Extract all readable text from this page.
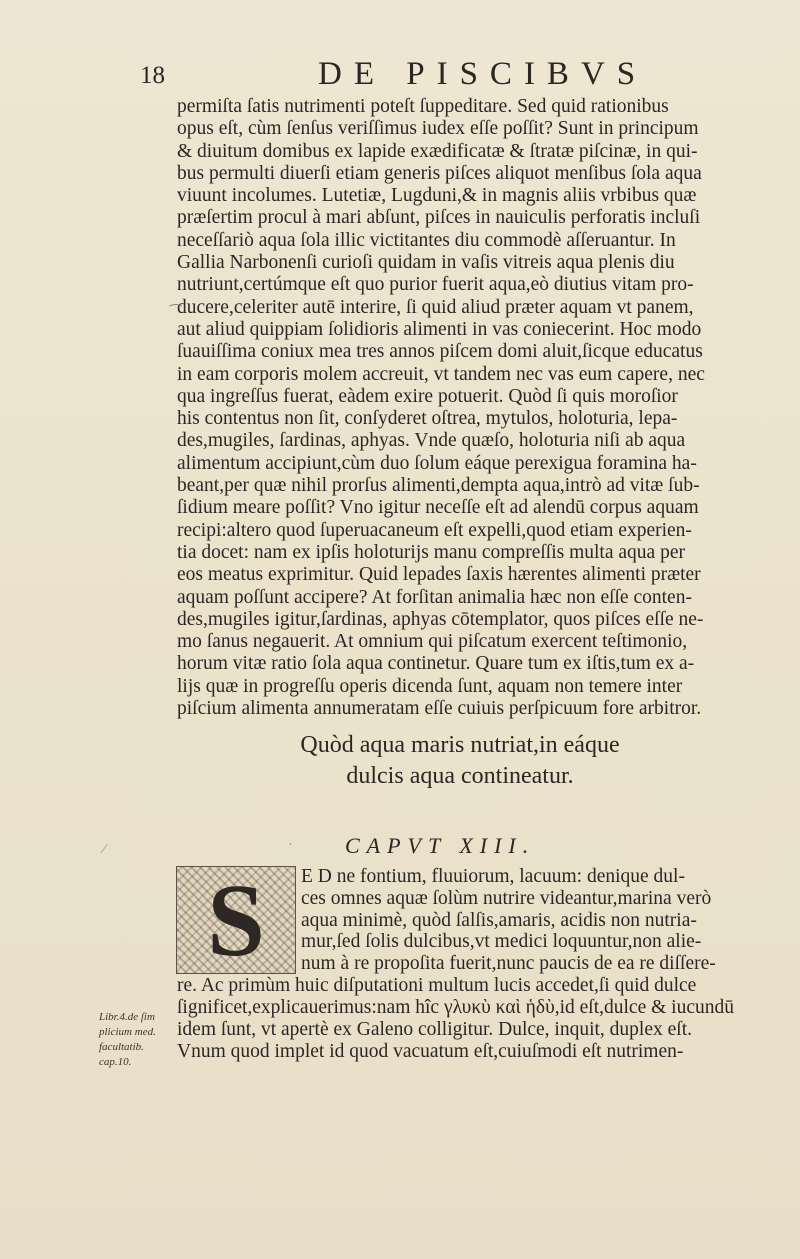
18	DE PISCIBVS
permiſta ſatis nutrimenti poteſt ſuppeditare. Sed quid rationibus
opus eſt, cùm ſenſus veriſſimus iudex eſſe poſſit? Sunt in principum
& diuitum domibus ex lapide exædificatæ & ſtratæ piſcinæ, in qui-
bus permulti diuerſi etiam generis piſces aliquot menſibus ſola aqua
viuunt incolumes. Lutetiæ, Lugduni,& in magnis aliis vrbibus quæ
præſertim procul à mari abſunt, piſces in nauiculis perforatis incluſi
neceſſariò aqua ſola illic victitantes diu commodè aſſeruantur. In
Gallia Narbonenſi curioſi quidam in vaſis vitreis aqua plenis diu
nutriunt,certúmque eſt quo purior fuerit aqua,eò diutius vitam pro-
ducere,celeriter autē interire, ſi quid aliud præter aquam vt panem,
aut aliud quippiam ſolidioris alimenti in vas coniecerint. Hoc modo
ſuauiſſima coniux mea tres annos piſcem domi aluit,ſicque educatus
in eam corporis molem accreuit, vt tandem nec vas eum capere, nec
qua ingreſſus fuerat, eàdem exire potuerit. Quòd ſi quis moroſior
his contentus non ſit, conſyderet oſtrea, mytulos, holoturia, lepa-
des,mugiles, ſardinas, aphyas. Vnde quæſo, holoturia niſi ab aqua
alimentum accipiunt,cùm duo ſolum eáque perexigua foramina ha-
beant,per quæ nihil prorſus alimenti,dempta aqua,intrò ad vitæ ſub-
ſidium meare poſſit? Vno igitur neceſſe eſt ad alendū corpus aquam
recipi:altero quod ſuperuacaneum eſt expelli,quod etiam experien-
tia docet: nam ex ipſis holoturijs manu compreſſis multa aqua per
eos meatus exprimitur. Quid lepades ſaxis hærentes alimenti præter
aquam poſſunt accipere? At forſitan animalia hæc non eſſe conten-
des,mugiles igitur,ſardinas, aphyas cōtemplator, quos piſces eſſe ne-
mo ſanus negauerit. At omnium qui piſcatum exercent teſtimonio,
horum vitæ ratio ſola aqua continetur. Quare tum ex iſtis,tum ex a-
lijs quæ in progreſſu operis dicenda ſunt, aquam non temere inter
piſcium alimenta annumeratam eſſe cuiuis perſpicuum fore arbitror.
Quòd aqua maris nutriat,in eáque
dulcis aqua contineatur.
CAPVT XIII.
S	E D ne fontium, fluuiorum, lacuum: denique dul-
ces omnes aquæ ſolùm nutrire videantur,marina verò
aqua minimè, quòd ſalſis,amaris, acidis non nutria-
mur,ſed ſolis dulcibus,vt medici loquuntur,non alie-
num à re propoſita fuerit,nunc paucis de ea re diſſere-
re. Ac primùm huic diſputationi multum lucis accedet,ſi quid dulce
ſignificet,explicauerimus:nam hîc γλυκὺ καὶ ἡδὺ,id eſt,dulce & iucundū
idem ſunt, vt apertè ex Galeno colligitur. Dulce, inquit, duplex eſt.
Vnum quod implet id quod vacuatum eſt,cuiuſmodi eſt nutrimen-
Libr.4.de ſim
plicium med.
facultatib.
cap.10.
⁄
⁀
·
